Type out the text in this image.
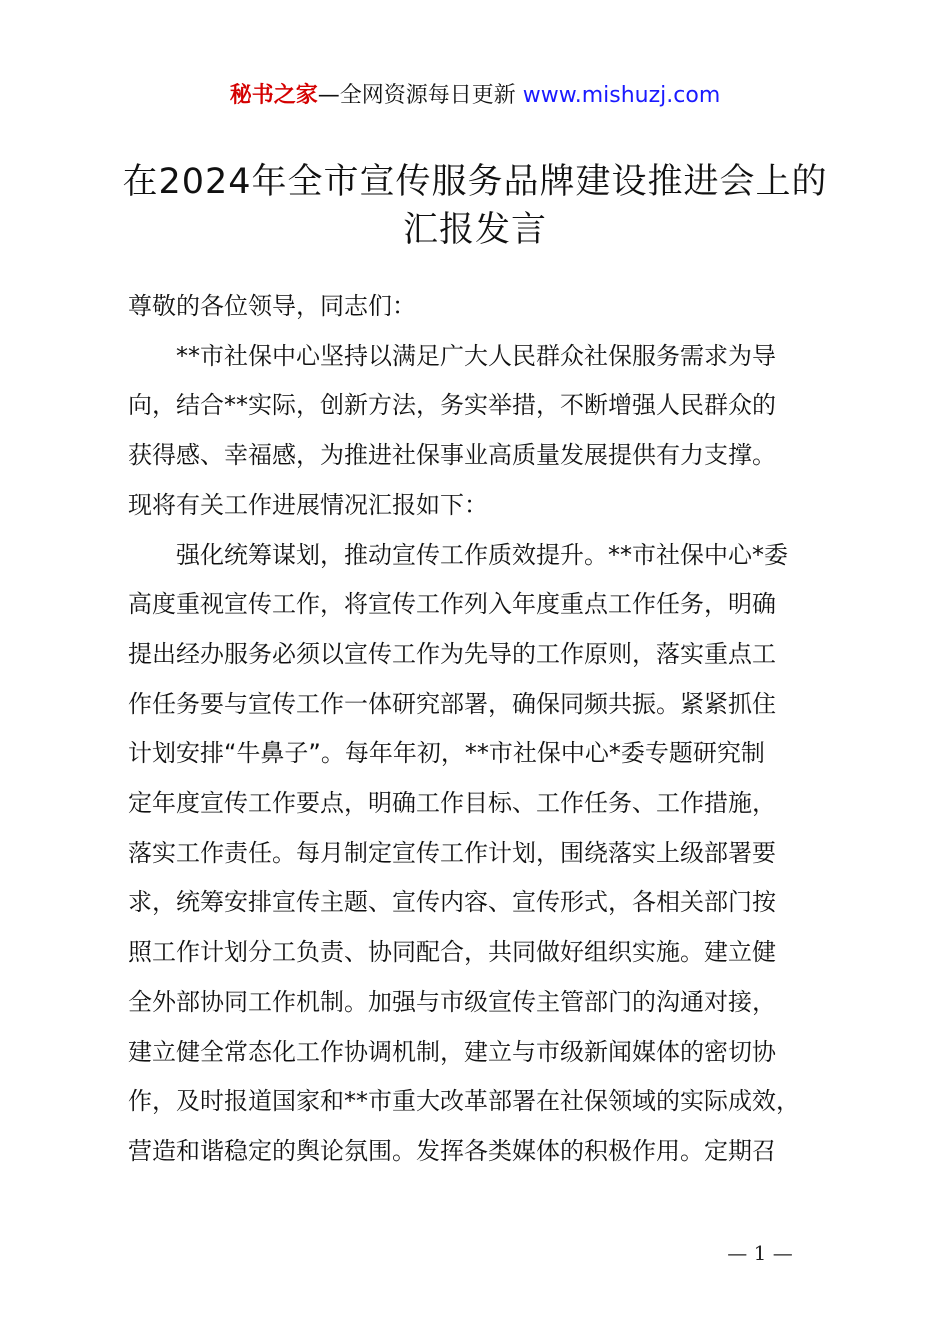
秘书之家—全网资源每日更新 www.mishuzj.com
在2024年全市宣传服务品牌建设推进会上的
汇报发言
尊敬的各位领导，同志们：
　　**市社保中心坚持以满足广大人民群众社保服务需求为导
向，结合**实际，创新方法，务实举措，不断增强人民群众的
获得感、幸福感，为推进社保事业高质量发展提供有力支撑。
现将有关工作进展情况汇报如下：
　　强化统筹谋划，推动宣传工作质效提升。**市社保中心*委
高度重视宣传工作，将宣传工作列入年度重点工作任务，明确
提出经办服务必须以宣传工作为先导的工作原则，落实重点工
作任务要与宣传工作一体研究部署，确保同频共振。紧紧抓住
计划安排“牛鼻子”。每年年初，**市社保中心*委专题研究制
定年度宣传工作要点，明确工作目标、工作任务、工作措施，
落实工作责任。每月制定宣传工作计划，围绕落实上级部署要
求，统筹安排宣传主题、宣传内容、宣传形式，各相关部门按
照工作计划分工负责、协同配合，共同做好组织实施。建立健
全外部协同工作机制。加强与市级宣传主管部门的沟通对接，
建立健全常态化工作协调机制，建立与市级新闻媒体的密切协
作，及时报道国家和**市重大改革部署在社保领域的实际成效，
营造和谐稳定的舆论氛围。发挥各类媒体的积极作用。定期召
— 1 —
